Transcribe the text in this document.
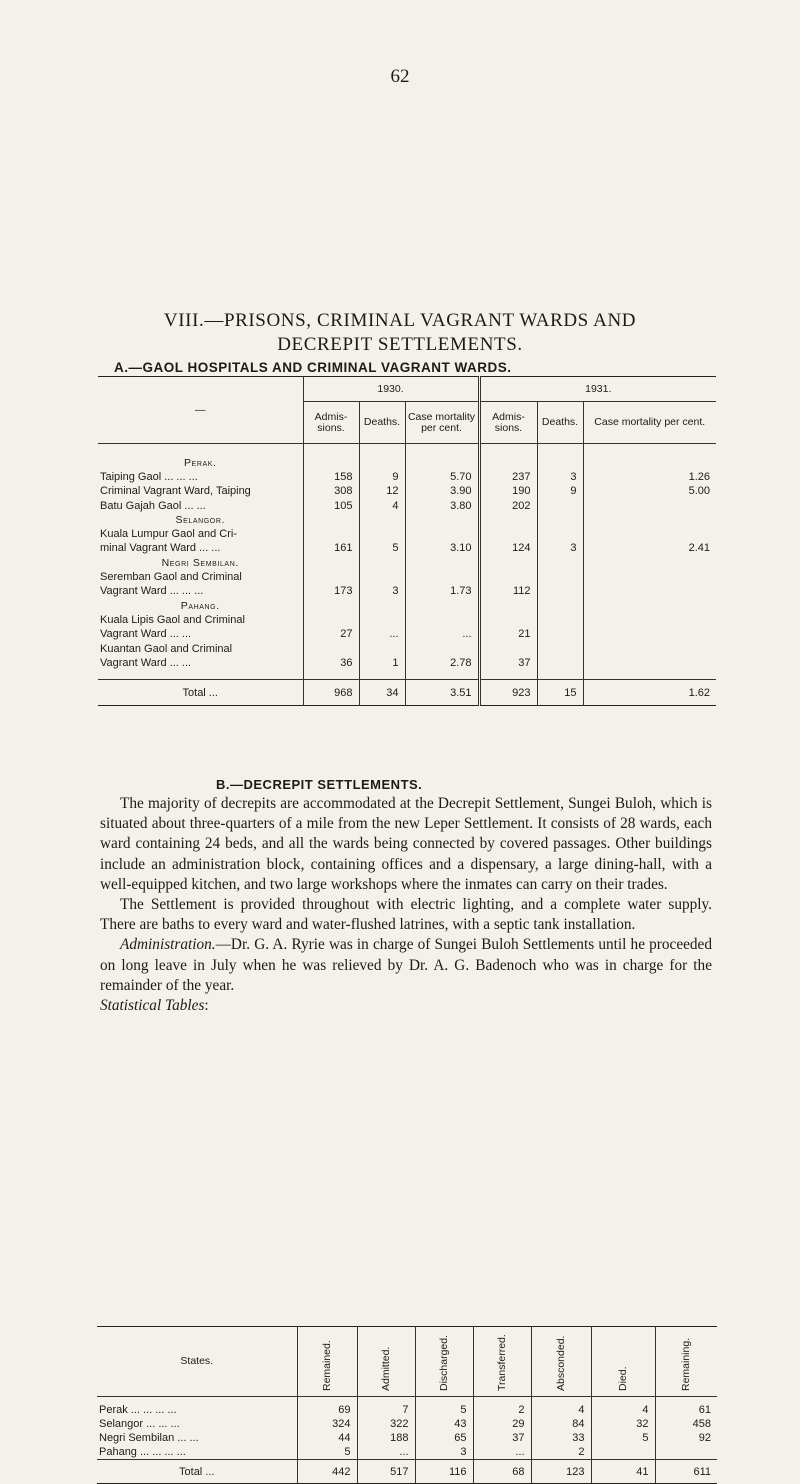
62
VIII.—PRISONS, CRIMINAL VAGRANT WARDS AND
DECREPIT SETTLEMENTS.
A.—GAOL HOSPITALS AND CRIMINAL VAGRANT WARDS.
—	1930.			1931.		
	Admis- sions.	Deaths.	Case mortality per cent.	Admis- sions.	Deaths.	Case mortality per cent.

Perak.						
Taiping Gaol ... ... ...	158	9	5.70	237	3	1.26
Criminal Vagrant Ward, Taiping	308	12	3.90	190	9	5.00
Batu Gajah Gaol ... ...	105	4	3.80	202		
Selangor.						
Kuala Lumpur Gaol and Cri-						
minal Vagrant Ward ... ...	161	5	3.10	124	3	2.41
Negri Sembilan.						
Seremban Gaol and Criminal						
Vagrant Ward ... ... ...	173	3	1.73	112		
Pahang.						
Kuala Lipis Gaol and Criminal						
Vagrant Ward ... ...	27	...	...	21		
Kuantan Gaol and Criminal						
Vagrant Ward ... ...	36	1	2.78	37		

Total ...	968	34	3.51	923	15	1.62
B.—DECREPIT SETTLEMENTS.

The majority of decrepits are accommodated at the Decrepit Settlement, Sungei Buloh, which is situated about three-quarters of a mile from the new Leper Settlement. It consists of 28 wards, each ward containing 24 beds, and all the wards being connected by covered passages. Other buildings include an administration block, containing offices and a dispensary, a large dining-hall, with a well-equipped kitchen, and two large workshops where the inmates can carry on their trades.

The Settlement is provided throughout with electric lighting, and a complete water supply. There are baths to every ward and water-flushed latrines, with a septic tank installation.

Administration.—Dr. G. A. Ryrie was in charge of Sungei Buloh Settlements until he proceeded on long leave in July when he was relieved by Dr. A. G. Badenoch who was in charge for the remainder of the year.

Statistical Tables:

States.	Remained.	Admitted.	Discharged.	Transferred.	Absconded.	Died.	Remaining.

Perak ... ... ... ...	69	7	5	2	4	4	61
Selangor ... ... ...	324	322	43	29	84	32	458
Negri Sembilan ... ...	44	188	65	37	33	5	92
Pahang ... ... ... ...	5	...	3	...	2		
Total ...	442	517	116	68	123	41	611
